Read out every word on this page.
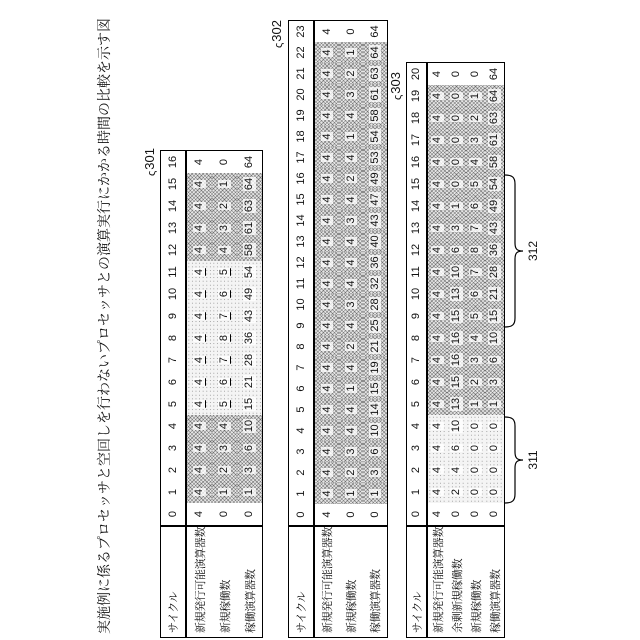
実施例に係るプロセッサと空回しを行わないプロセッサとの演算実行にかかる時間の比較を示す図	ς301
ς302
ς303
サイクル
0
1
2
3
4
5
6
7
8
9
10
11
12
13
14
15
16
新規発行可能演算器数
4
4
4
4
4
4
4
4
4
4
4
4
4
4
4
4
4
新規稼働数
0
1
2
3
4
5
6
7
8
7
6
5
4
3
2
1
0
稼働演算器数
0
1
3
6
10
15
21
28
36
43
49
54
58
61
63
64
64
サイクル
0
1
2
3
4
5
6
7
8
9
10
11
12
13
14
15
16
17
18
19
20
21
22
23
新規発行可能演算器数
4
4
4
4
4
4
4
4
4
4
4
4
4
4
4
4
4
4
4
4
4
4
4
4
新規稼働数
0
1
2
3
4
4
1
4
2
4
3
4
4
4
3
4
2
4
1
4
3
2
1
0
稼働演算器数
0
1
3
6
10
14
15
19
21
25
28
32
36
40
43
47
49
53
54
58
61
63
64
64
サイクル
0
1
2
3
4
5
6
7
8
9
10
11
12
13
14
15
16
17
18
19
20
新規発行可能演算器数
4
4
4
4
4
4
4
4
4
4
4
4
4
4
4
4
4
4
4
4
4
余剰新規稼働数
0
2
4
6
10
13
15
16
16
15
13
10
6
3
1
0
0
0
0
0
0
新規稼働数
0
0
0
0
0
1
2
3
4
5
6
7
8
7
6
5
4
3
2
1
0
稼働演算器数
0
0
0
0
0
1
3
6
10
15
21
28
36
43
49
54
58
61
63
64
64
311
312
